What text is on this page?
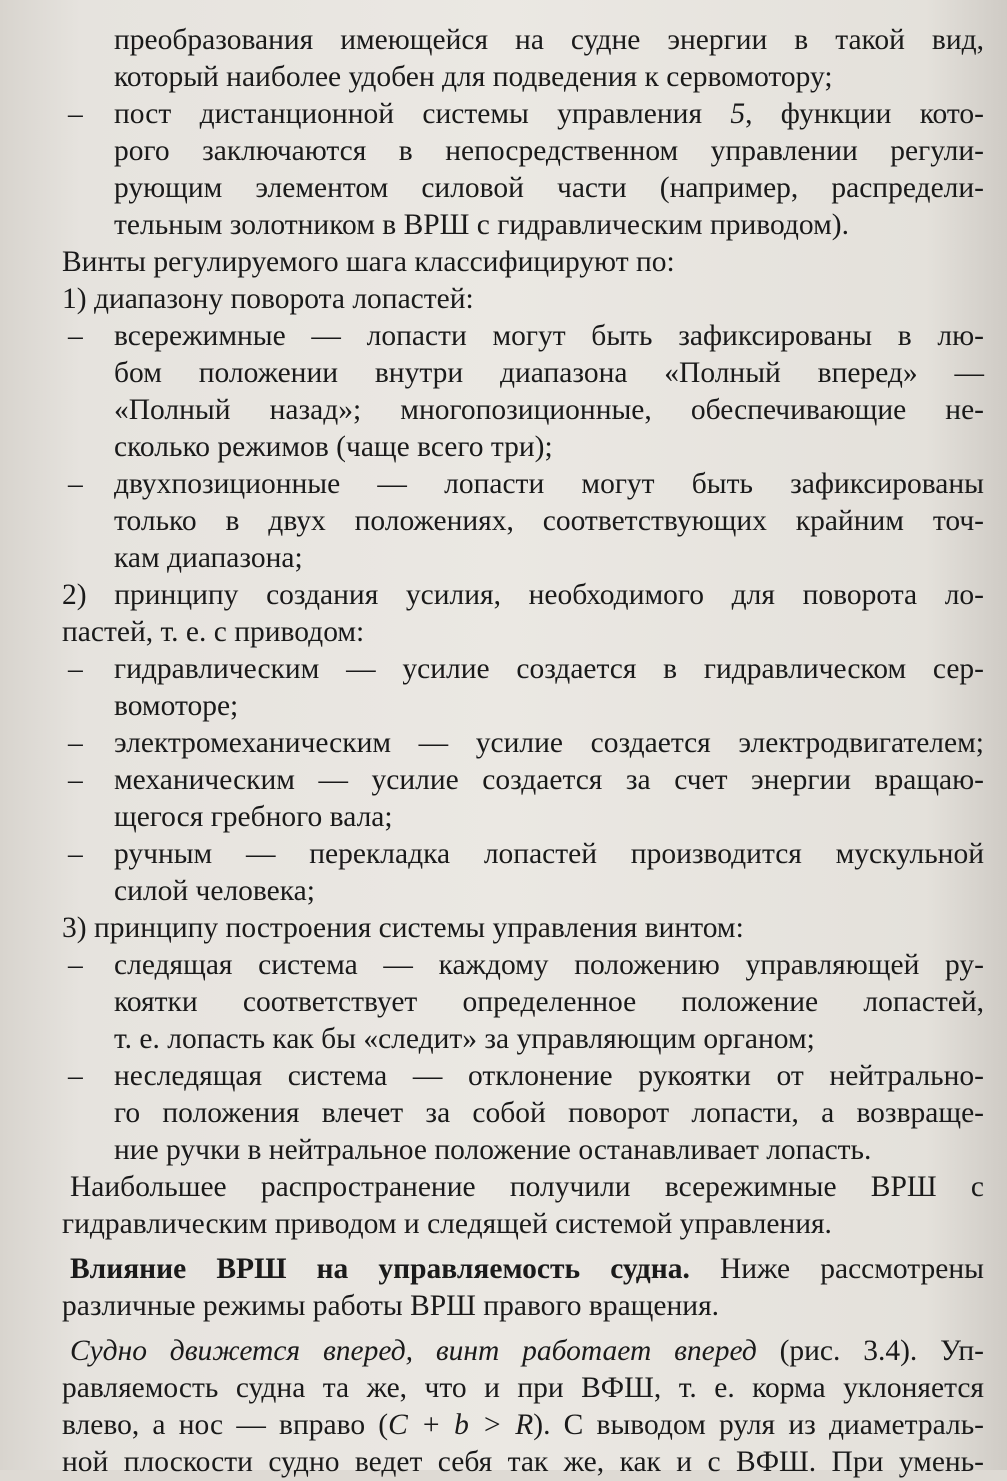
преобразования имеющейся на судне энергии в такой вид,
который наиболее удобен для подведения к сервомотору;
– пост дистанционной системы управления 5, функции кото-
рого заключаются в непосредственном управлении регули-
рующим элементом силовой части (например, распредели-
тельным золотником в ВРШ с гидравлическим приводом).
Винты регулируемого шага классифицируют по:
1) диапазону поворота лопастей:
– всережимные — лопасти могут быть зафиксированы в лю-
бом положении внутри диапазона «Полный вперед» —
«Полный назад»; многопозиционные, обеспечивающие не-
сколько режимов (чаще всего три);
– двухпозиционные — лопасти могут быть зафиксированы
только в двух положениях, соответствующих крайним точ-
кам диапазона;
2) принципу создания усилия, необходимого для поворота ло-
пастей, т. е. с приводом:
– гидравлическим — усилие создается в гидравлическом сер-
вомоторе;
– электромеханическим — усилие создается электродвигателем;
– механическим — усилие создается за счет энергии вращаю-
щегося гребного вала;
– ручным — перекладка лопастей производится мускульной
силой человека;
3) принципу построения системы управления винтом:
– следящая система — каждому положению управляющей ру-
коятки соответствует определенное положение лопастей,
т. е. лопасть как бы «следит» за управляющим органом;
– неследящая система — отклонение рукоятки от нейтрально-
го положения влечет за собой поворот лопасти, а возвраще-
ние ручки в нейтральное положение останавливает лопасть.
Наибольшее распространение получили всережимные ВРШ с
гидравлическим приводом и следящей системой управления.
Влияние ВРШ на управляемость судна. Ниже рассмотрены
различные режимы работы ВРШ правого вращения.
Судно движется вперед, винт работает вперед (рис. 3.4). Уп-
равляемость судна та же, что и при ВФШ, т. е. корма уклоняется
влево, а нос — вправо (C + b > R). С выводом руля из диаметраль-
ной плоскости судно ведет себя так же, как и с ВФШ. При умень-
